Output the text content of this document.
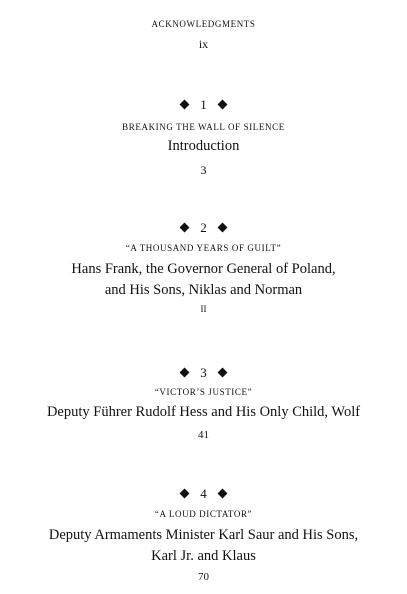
ACKNOWLEDGMENTS
ix
1
BREAKING THE WALL OF SILENCE
Introduction
3
2
“A THOUSAND YEARS OF GUILT”
Hans Frank, the Governor General of Poland,
and His Sons, Niklas and Norman
II
3
“VICTOR’S JUSTICE”
Deputy Führer Rudolf Hess and His Only Child, Wolf
41
4
“A LOUD DICTATOR”
Deputy Armaments Minister Karl Saur and His Sons,
Karl Jr. and Klaus
70
